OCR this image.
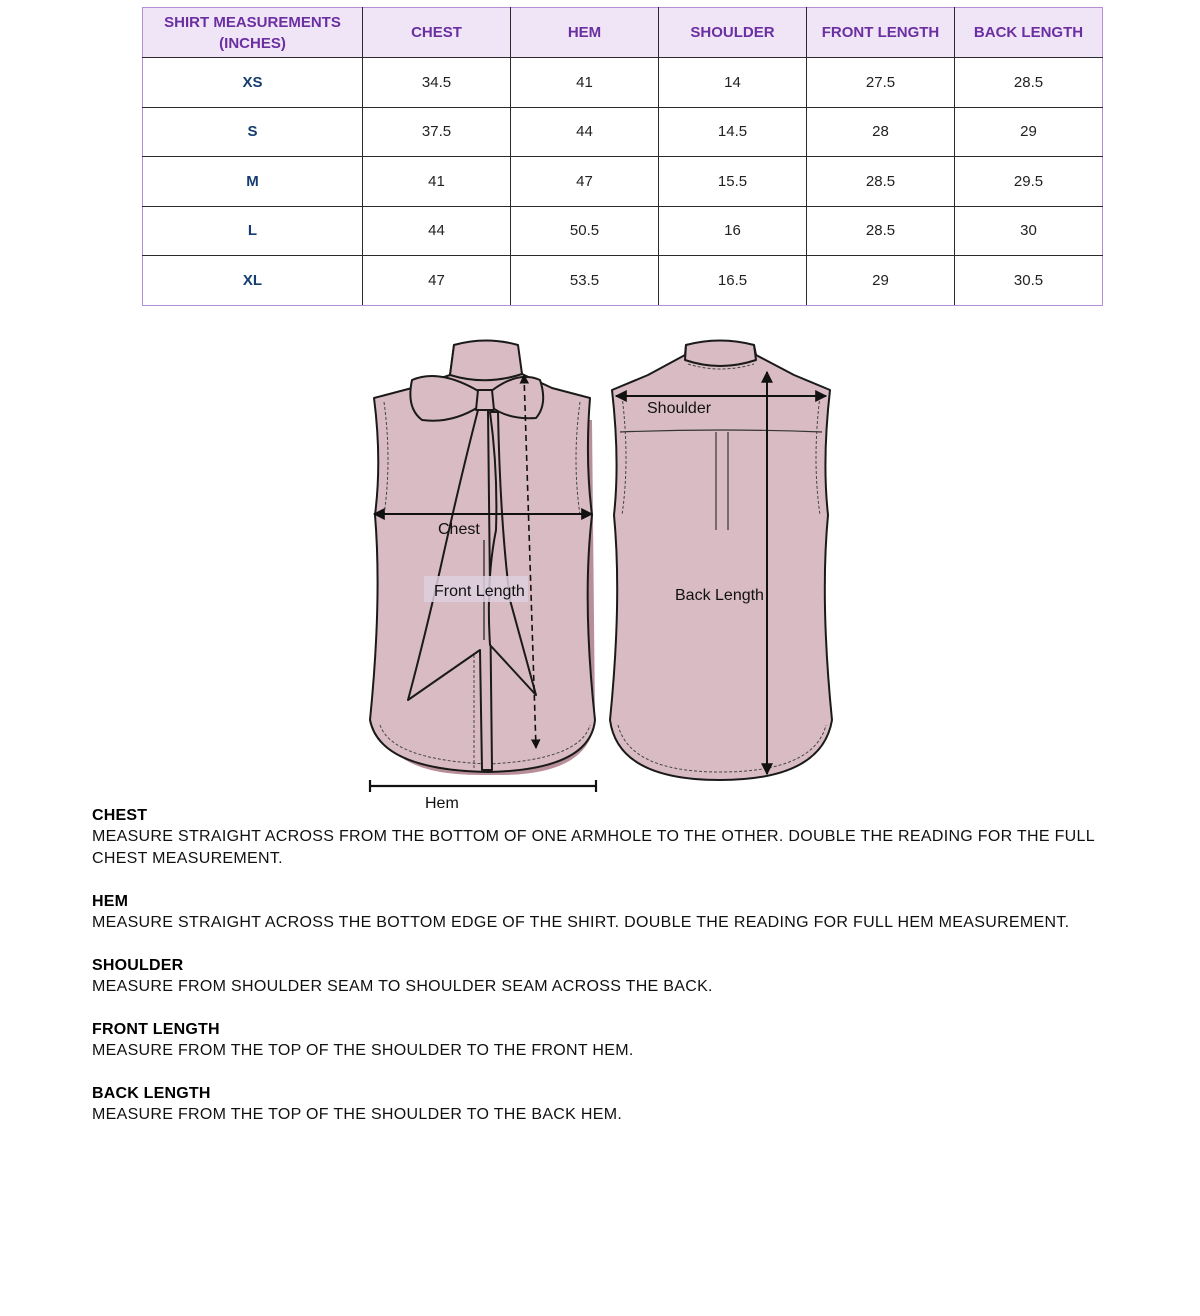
SHIRT MEASUREMENTS (INCHES)	CHEST	HEM	SHOULDER	FRONT LENGTH	BACK LENGTH
XS	34.5	41	14	27.5	28.5
S	37.5	44	14.5	28	29
M	41	47	15.5	28.5	29.5
L	44	50.5	16	28.5	30
XL	47	53.5	16.5	29	30.5
Chest
Front Length
Hem
Shoulder
Back Length
CHEST
MEASURE STRAIGHT ACROSS FROM THE BOTTOM OF ONE ARMHOLE TO THE OTHER. DOUBLE THE READING FOR THE FULL CHEST MEASUREMENT.
HEM
MEASURE STRAIGHT ACROSS THE BOTTOM EDGE OF THE SHIRT. DOUBLE THE READING FOR FULL HEM MEASUREMENT.
SHOULDER
MEASURE FROM SHOULDER SEAM TO SHOULDER SEAM ACROSS THE BACK.
FRONT LENGTH
MEASURE FROM THE TOP OF THE SHOULDER TO THE FRONT HEM.
BACK LENGTH
MEASURE FROM THE TOP OF THE SHOULDER TO THE BACK HEM.
